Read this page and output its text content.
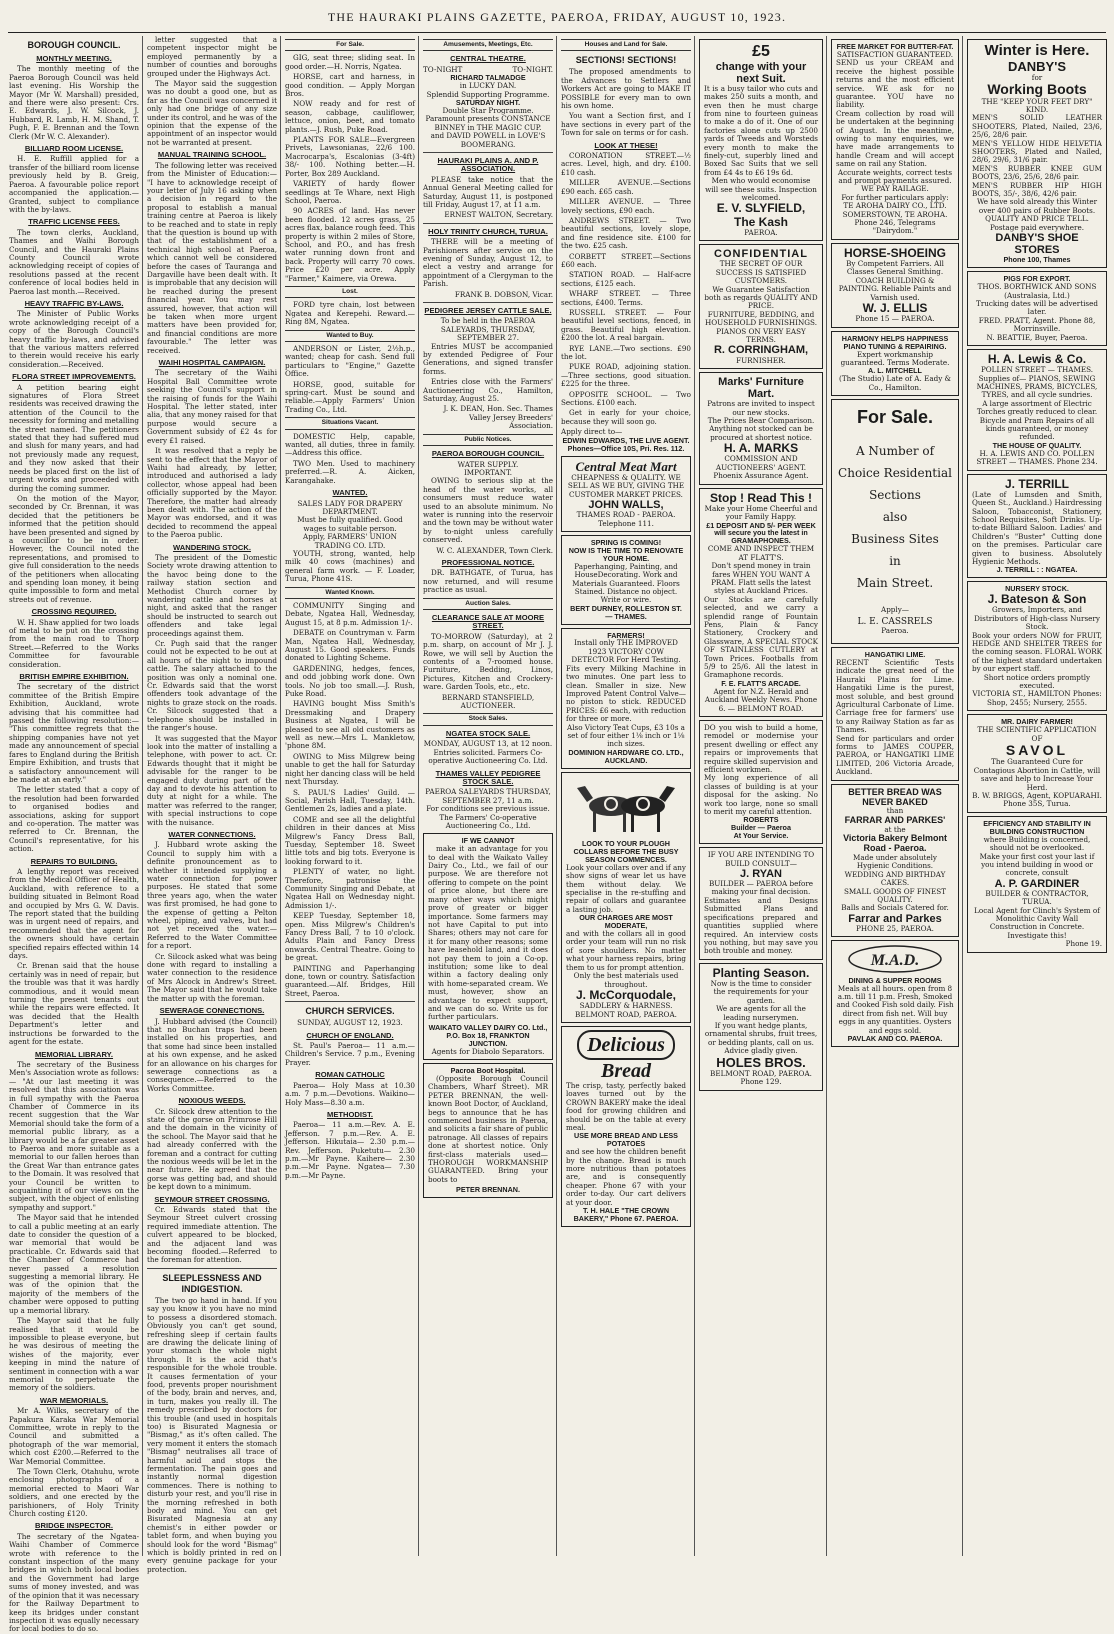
THE HAURAKI PLAINS GAZETTE, PAEROA, FRIDAY, AUGUST 10, 1923.
BOROUGH COUNCIL.
MONTHLY MEETING.

The monthly meeting of the Paeroa Borough Council was held last evening. His Worship the Mayor (Mr W. Marshall) presided, and there were also present: Crs. E. Edwards, J. W. Silcock, J. Hubbard, R. Lamb, H. M. Shand, T. Pugh, F. E. Brennan and the Town Clerk (Mr W. C. Alexander).

BILLIARD ROOM LICENSE.

H. E. Ruffill applied for a transfer of the billiard room license previously held by B. Greig, Paeroa. A favourable police report accompanied the application.—Granted, subject to compliance with the by-laws.

TRAFFIC LICENSE FEES.

The town clerks, Auckland, Thames and Waihi Borough Council, and the Hauraki Plains County Council wrote acknowledging receipt of copies of resolutions passed at the recent conference of local bodies held in Paeroa last month.—Received.

HEAVY TRAFFIC BY-LAWS.

The Minister of Public Works wrote acknowledging receipt of a copy of the Borough Council's heavy traffic by-laws, and advised that the various matters referred to therein would receive his early consideration.—Received.

FLORA STREET IMPROVEMENTS.

A petition bearing eight signatures of Flora Street residents was received drawing the attention of the Council to the necessity for forming and metalling the street named. The petitioners stated that they had suffered mud and slush for many years, and had not previously made any request, and they now asked that their needs be placed first on the list of urgent works and proceeded with during the coming summer.

On the motion of the Mayor, seconded by Cr. Brennan, it was decided that the petitioners be informed that the petition should have been presented and signed by a councillor to be in order. However, the Council noted the representations, and promised to give full consideration to the needs of the petitioners when allocating and spending loan money, it being quite impossible to form and metal streets out of revenue.

CROSSING REQUIRED.

W. H. Shaw applied for two loads of metal to be put on the crossing from the main road to Thorp Street.—Referred to the Works Committee for favourable consideration.

BRITISH EMPIRE EXHIBITION.

The secretary of the district committee of the British Empire Exhibition, Auckland, wrote advising that his committee had passed the following resolution:— "This committee regrets that the shipping companies have not yet made any announcement of special fares to England during the British Empire Exhibition, and trusts that a satisfactory announcement will be made at an early."

The letter stated that a copy of the resolution had been forwarded to organised bodies and associations, asking for support and co-operation. The matter was referred to Cr. Brennan, the Council's representative, for his action.

REPAIRS TO BUILDING.

A lengthy report was received from the Medical Officer of Health, Auckland, with reference to a building situated in Belmont Road and occupied by Mrs G. W. Davis. The report stated that the building was in urgent need of repairs, and recommended that the agent for the owners should have certain specified repairs effected within 14 days.

Cr. Brenan said that the house certainly was in need of repair, but the trouble was that it was hardly commodious, and it would mean turning the present tenants out while the repairs were effected. It was decided that the Health Department's letter and instructions be forwarded to the agent for the estate.

MEMORIAL LIBRARY.

The secretary of the Business Men's Association wrote as follows:— "At our last meeting it was resolved that this association was in full sympathy with the Paeroa Chamber of Commerce in its recent suggestion that the War Memorial should take the form of a memorial public library, as a library would be a far greater asset to Paeroa and more suitable as a memorial to our fallen heroes than the Great War than entrance gates to the Domain. It was resolved that your Council be written to acquainting it of our views on the subject, with the object of enlisting sympathy and support."

The Mayor said that he intended to call a public meeting at an early date to consider the question of a war memorial that would be practicable. Cr. Edwards said that the Chamber of Commerce had never passed a resolution suggesting a memorial library. He was of the opinion that the majority of the members of the chamber were opposed to putting up a memorial library.

The Mayor said that he fully realised that it would be impossible to please everyone, but he was desirous of meeting the wishes of the majority, ever keeping in mind the nature of sentiment in connection with a war memorial to perpetuate the memory of the soldiers.

WAR MEMORIALS.

Mr A. Wilks, secretary of the Papakura Karaka War Memorial Committee, wrote in reply to the Council and submitted a photograph of the war memorial, which cost £200.—Referred to the War Memorial Committee.

The Town Clerk, Otahuhu, wrote enclosing photographs of a memorial erected to Maori War soldiers, and one erected by the parishioners, of Holy Trinity Church costing £120.

BRIDGE INSPECTOR.

The secretary of the Ngatea-Waihi Chamber of Commerce wrote with reference to the constant inspection of the many bridges in which both local bodies and the Government had large sums of money invested, and was of the opinion that it was necessary for the Railway Department to keep its bridges under constant inspection it was equally necessary for local bodies to do so.

letter suggested that a competent inspector might be employed permanently by a number of counties and boroughs grouped under the Highways Act.

The Mayor said the suggestion was no doubt a good one, but as far as the Council was concerned it only had one bridge of any size under its control, and he was of the opinion that the expense of the appointment of an inspector would not be warranted at present.

MANUAL TRAINING SCHOOL.

The following letter was received from the Minister of Education:— "I have to acknowledge receipt of your letter of July 16 asking when a decision in regard to the proposal to establish a manual training centre at Paeroa is likely to be reached and to state in reply that the question is bound up with that of the establishment of a technical high school at Paeroa, which cannot well be considered before the cases of Tauranga and Dargaville have been dealt with. It is improbable that any decision will be reached during the present financial year. You may rest assured, however, that action will be taken when more urgent matters have been provided for, and financial conditions are more favourable." The letter was received.

WAIHI HOSPITAL CAMPAIGN.

The secretary of the Waihi Hospital Ball Committee wrote seeking the Council's support in the raising of funds for the Waihi Hospital. The letter stated, inter alia, that any money raised for that purpose would secure a Government subsidy of £2 4s for every £1 raised.

It was resolved that a reply be sent to the effect that the Mayor of Waihi had already, by letter, introduced and authorised a lady collector, whose appeal had been officially supported by the Mayor. Therefore, the matter had already been dealt with. The action of the Mayor was endorsed, and it was decided to recommend the appeal to the Paeroa public.

WANDERING STOCK.

The president of the Domestic Society wrote drawing attention to the havoc being done to the railway station section and Methodist Church corner by wandering cattle and horses at night, and asked that the ranger should be instructed to search out offenders and take legal proceedings against them.

Cr. Pugh said that the ranger could not be expected to be out at all hours of the night to impound cattle. The salary attached to the position was only a nominal one. Cr. Edwards said that the worst offenders took advantage of the nights to graze stock on the roads. Cr. Silcock suggested that a telephone should be installed in the ranger's house.

It was suggested that the Mayor look into the matter of installing a telephone, with power to act. Cr. Edwards thought that it might be advisable for the ranger to be engaged duty during part of the day and to devote his attention to duty at night for a while. The matter was referred to the ranger, with special instructions to cope with the nuisance.

WATER CONNECTIONS.

J. Hubbard wrote asking the Council to supply him with a definite pronouncement as to whether it intended supplying a water connection for power purposes. He stated that some three years ago, when the water was first promised, he had gone to the expense of getting a Pelton wheel, piping, and valves, but had not yet received the water.—Referred to the Water Committee for a report.

Cr. Silcock asked what was being done with regard to installing a water connection to the residence of Mrs Alcock in Andrew's Street. The Mayor said that he would take the matter up with the foreman.

SEWERAGE CONNECTIONS.

J. Hubbard advised (the Council) that no Buchan traps had been installed on his properties, and that some had since been installed at his own expense, and he asked for an allowance on his charges for sewerage connections as a consequence.—Referred to the Works Committee.

NOXIOUS WEEDS.

Cr. Silcock drew attention to the state of the gorse on Primrose Hill and the domain in the vicinity of the school. The Mayor said that he had already conferred with the foreman and a contract for cutting the noxious weeds will be let in the near future. He agreed that the gorse was getting bad, and should be kept down to a minimum.

SEYMOUR STREET CROSSING.

Cr. Edwards stated that the Seymour Street culvert crossing required immediate attention. The culvert appeared to be blocked, and the adjacent land was becoming flooded.—Referred to the foreman for attention.

SLEEPLESSNESS AND INDIGESTION.

The two go hand in hand. If you say you know it you have no mind to possess a disordered stomach. Obviously you can't get sound, refreshing sleep if certain faults are drawing the delicate lining of your stomach the whole night through. It is the acid that's responsible for the whole trouble. It causes fermentation of your food, prevents proper nourishment of the body, brain and nerves, and, in turn, makes you really ill. The remedy prescribed by doctors for this trouble (and used in hospitals too) is Bisurated Magnesia or "Bismag," as it's often called. The very moment it enters the stomach "Bismag" neutralises all trace of harmful acid and stops the fermentation. The pain goes and instantly normal digestion commences. There is nothing to disturb your rest, and you'll rise in the morning refreshed in both body and mind. You can get Bisurated Magnesia at any chemist's in either powder or tablet form, and when buying you should look for the word "Bismag" which is boldly printed in red on every genuine package for your protection.

For Sale.

GIG, seat three; sliding seat. In good order.—H. Norris, Ngatea.

HORSE, cart and harness, in good condition. — Apply Morgan Bros.

NOW ready and for rest of season, cabbage, cauliflower, lettuce, onion, beet, and tomato plants.—J. Rush, Puke Road.

PLANTS FOR SALE—Evergreen Privets, Lawsonianas, 22/6 100. Macrocarpa's, Escalonias (3-4ft) 38/- 100. Nothing better.—H. Porter, Box 289 Auckland.

VARIETY of hardy flower seedlings at Te Whare, next High School, Paeroa.

90 ACRES of land. Has never been flooded. 12 acres grass, 25 acres flax, balance rough feed. This property is within 2 miles of Store, School, and P.O., and has fresh water running down front and back. Property will carry 70 cows. Price £20 per acre. Apply "Farmer," Kaimere, via Orewa.

Lost.

FORD tyre chain, lost between Ngatea and Kerepehi. Reward.—Ring 8M, Ngatea.

Wanted to Buy.

ANDERSON or Lister, 2½h.p., wanted; cheap for cash. Send full particulars to "Engine," Gazette Office.

HORSE, good, suitable for spring-cart. Must be sound and reliable.—Apply Farmers' Union Trading Co., Ltd.

Situations Vacant.

DOMESTIC Help, capable, wanted, all duties, three in family.—Address this office.

TWO Men. Used to machinery preferred.—R. A. Aicken, Karangahake.

WANTED.
SALES LADY FOR DRAPERY DEPARTMENT.
Must be fully qualified. Good wages to suitable person.
Apply, FARMERS' UNION TRADING CO. LTD.

YOUTH, strong, wanted, help milk 40 cows (machines) and general farm work. — F. Loader, Turua, Phone 41S.

Wanted Known.

COMMUNITY Singing and Debate, Ngatea Hall, Wednesday, August 15, at 8 p.m. Admission 1/-.

DEBATE on Countryman v. Farm Man, Ngatea Hall, Wednesday, August 15. Good speakers. Funds donated to Lighting Scheme.

GARDENING, hedges, fences, and odd jobbing work done. Own tools. No job too small.—J. Rush, Puke Road.

HAVING bought Miss Smith's Dressmaking and Drapery Business at Ngatea, I will be pleased to see all old customers as well as new.—Mrs L. Mankletow, 'phone 8M.

OWING to Miss Milgrew being unable to get the hall for Saturday night her dancing class will be held next Thursday.

S. PAUL'S Ladies' Guild. — Social, Parish Hall, Tuesday, 14th. Gentlemen 2s, ladies and a plate.

COME and see all the delightful children in their dances at Miss Milgrew's Fancy Dress Ball, Tuesday, September 18. Sweet little tots and big tots. Everyone is looking forward to it.

PLENTY of water, no light. Therefore, patronise the Community Singing and Debate, at Ngatea Hall on Wednesday night. Admission 1/-.

KEEP Tuesday, September 18, open. Miss Milgrew's Children's Fancy Dress Ball, 7 to 10 o'clock. Adults Plain and Fancy Dress onwards. Central Theatre. Going to be great.

PAINTING and Paperhanging done, town or country. Satisfaction guaranteed.—Alf. Bridges, Hill Street, Paeroa.

CHURCH SERVICES.
SUNDAY, AUGUST 12, 1923.
CHURCH OF ENGLAND.

St. Paul's Paeroa— 11 a.m.—Children's Service. 7 p.m., Evening Prayer.

ROMAN CATHOLIC

Paeroa— Holy Mass at 10.30 a.m. 7 p.m.—Devotions. Waikino— Holy Mass—8.30 a.m.

METHODIST.

Paeroa— 11 a.m.—Rev. A. E. Jefferson. 7 p.m.—Rev. A. E. Jefferson. Hikutaia— 2.30 p.m.—Rev. Jefferson. Puketutu— 2.30 p.m.—Mr Payne. Kaihere— 2.30 p.m.—Mr Payne. Ngatea— 7.30 p.m.—Mr Payne.

Amusements, Meetings, Etc.
CENTRAL THEATRE.
TO-NIGHT	TO-NIGHT.
RICHARD TALMADGE
in LUCKY DAN.
Splendid Supporting Programme.
SATURDAY NIGHT.
Double Star Programme.
Paramount presents CONSTANCE BINNEY in THE MAGIC CUP.
and DAVID POWELL in LOVE'S BOOMERANG.
HAURAKI PLAINS A. AND P. ASSOCIATION.

PLEASE take notice that the Annual General Meeting called for Saturday, August 11, is postponed till Friday, August 17, at 11 a.m.

ERNEST WALTON, Secretary.
HOLY TRINITY CHURCH, TURUA.

THERE will be a meeting of Parishioners after service on the evening of Sunday, August 12, to elect a vestry and arrange for appointment of a Clergyman to the Parish.

FRANK B. DOBSON, Vicar.
PEDIGREE JERSEY CATTLE SALE.
To be held in the PAEROA SALEYARDS, THURSDAY, SEPTEMBER 27.

Entries MUST be accompanied by extended Pedigree of Four Generations, and signed transfer forms.

Entries close with the Farmers' Auctioneering Co., Hamilton, Saturday, August 25.

J. K. DEAN, Hon. Sec. Thames Valley Jersey Breeders' Association.
Public Notices.
PAEROA BOROUGH COUNCIL.
WATER SUPPLY.
IMPORTANT.

OWING to serious slip at the head of the water works, all consumers must reduce water used to an absolute minimum. No water is running into the reservoir and the town may be without water by to-night unless carefully conserved.

W. C. ALEXANDER, Town Clerk.
PROFESSIONAL NOTICE.

DR. BATHGATE, of Turua, has now returned, and will resume practice as usual.

Auction Sales.
CLEARANCE SALE AT MOORE STREET.

TO-MORROW (Saturday), at 2 p.m. sharp, on account of Mr J. J. Rowe, we will sell by Auction the contents of a 7-roomed house. Furniture, Bedding, Linos, Pictures, Kitchen and Crockery-ware. Garden Tools, etc., etc.

BERNARD STANSFIELD, AUCTIONEER.
Stock Sales.
NGATEA STOCK SALE.
MONDAY, AUGUST 13, at 12 noon.
Entries solicited. Farmers Co-operative Auctioneering Co. Ltd.
THAMES VALLEY PEDIGREE STOCK SALE.
PAEROA SALEYARDS THURSDAY, SEPTEMBER 27, 11 a.m.
For conditions see previous issue.
The Farmers' Co-operative Auctioneering Co., Ltd.
IF WE CANNOT

make it an advantage for you to deal with the Waikato Valley Dairy Co., Ltd., we fail of our purpose. We are therefore not offering to compete on the point of price alone, but there are many other ways which might prove of greater or bigger importance. Some farmers may not have Capital to put into Shares; others may not care for it for many other reasons; some have leasehold land, and it does not pay them to join a Co-op. institution; some like to deal within a factory dealing only with home-separated cream. We must, however, show an advantage to expect support, and we can do so. Write us for further particulars.

WAIKATO VALLEY DAIRY CO. Ltd., P.O. Box 18, FRANKTON JUNCTION.
Agents for Diabolo Separators.
Pacroa Boot Hospital.

(Opposite Borough Council Chambers, Wharf Street). MR PETER BRENNAN, the well-known Boot Doctor, of Auckland, begs to announce that he has commenced business in Paeroa, and solicits a fair share of public patronage. All classes of repairs done at shortest notice. Only first-class materials used— THOROUGH WORKMANSHIP GUARANTEED. Bring your boots to

PETER BRENNAN.
Houses and Land for Sale.
SECTIONS! SECTIONS!

The proposed amendments to the Advances to Settlers and Workers Act are going to MAKE IT POSSIBLE for every man to own his own home.

You want a Section first, and I have sections in every part of the Town for sale on terms or for cash.

LOOK AT THESE!

CORONATION STREET.—½ acres. Level, high, and dry. £100. £10 cash.

MILLER AVENUE.—Sections £90 each. £65 cash.

MILLER AVENUE. — Three lovely sections, £90 each.

ANDREWS STREET. — Two beautiful sections, lovely slope, and fine residence site. £100 for the two. £25 cash.

CORBETT STREET.—Sections £60 each.

STATION ROAD. — Half-acre sections, £125 each.

WHARF STREET. — Three sections, £400. Terms.

RUSSELL STREET. — Four beautiful level sections, fenced, in grass. Beautiful high elevation. £200 the lot. A real bargain.

RYE LANE.—Two sections. £90 the lot.

PUKE ROAD, adjoining station. —Three sections, good situation. £225 for the three.

OPPOSITE SCHOOL. — Two Sections. £100 each.

Get in early for your choice, because they will soon go.

Apply direct to—
EDWIN EDWARDS, THE LIVE AGENT. Phones—Office 10S, Pri. Res. 112.
Central Meat Mart
CHEAPNESS & QUALITY. WE SELL AS WE BUY, GIVING THE CUSTOMER MARKET PRICES.
JOHN WALLS,
THAMES ROAD - PAEROA. Telephone 111.
SPRING IS COMING!
NOW IS THE TIME TO RENOVATE YOUR HOME.
Paperhanging, Painting, and HouseDecorating. Work and Materials Guaranteed. Floors Stained. Distance no object. Write or wire.
BERT DURNEY, ROLLESTON ST. — THAMES.
FARMERS!
Install only THE IMPROVED 1923 VICTORY COW DETECTOR For Herd Testing.
Fits every Milking Machine in two minutes. One part less to clean. Smaller in size. New Improved Patent Control Valve—no piston to stick. REDUCED PRICES: £6 each, with reduction for three or more.
Also Victory Teat Cups, £3 10s a set of four either 1⅛ inch or 1⅛ inch sizes.
DOMINION HARDWARE CO. LTD., AUCKLAND.
LOOK TO YOUR PLOUGH COLLARS BEFORE THE BUSY SEASON COMMENCES.
Look your collars over and if any show signs of wear let us have them without delay. We specialise in the re-stuffing and repair of collars and guarantee a lasting job.
OUR CHARGES ARE MOST MODERATE,
and with the collars all in good order your team will run no risk of sore shoulders. No matter what your harness repairs, bring them to us for prompt attention.
Only the best materials used throughout.
J. McCorquodale,
SADDLERY & HARNESS. BELMONT ROAD, PAEROA.
Delicious
Bread
The crisp, tasty, perfectly baked loaves turned out by the CROWN BAKERY make the ideal food for growing children and should be on the table at every meal.
USE MORE BREAD AND LESS POTATOES
and see how the children benefit by the change. Bread is much more nutritious than potatoes are, and is consequently cheaper. Phone 67 with your order to-day. Our cart delivers at your door.
T. H. HALE "THE CROWN BAKERY," Phone 67. PAEROA.
£5
change with your next Suit.
It is a busy tailor who cuts and makes 250 suits a month, and even then he must charge from nine to fourteen guineas to make a do of it. One of our factories alone cuts up 2500 yards of Tweeds and Worsteds every month to make the finely-cut, superbly lined and Boxed Sac Suits that we sell from £4 4s to £6 19s 6d.
Men who would economise will see these suits. Inspection welcomed.
E. V. SLYFIELD,
The Kash
PAEROA.
CONFIDENTIAL
THE SECRET OF OUR SUCCESS IS SATISFIED CUSTOMERS.
We Guarantee Satisfaction both as regards QUALITY AND PRICE.
FURNITURE, BEDDING, and HOUSEHOLD FURNISHINGS. PIANOS ON VERY EASY TERMS.
R. CORRINGHAM,
FURNISHER.
Marks' Furniture Mart.
Patrons are invited to inspect our new stocks.
The Prices Bear Comparison.
Anything not stocked can be procured at shortest notice.
H. A. MARKS
COMMISSION AND AUCTIONEERS' AGENT. Phoenix Assurance Agent.
Stop ! Read This !
Make your Home Cheerful and your Family Happy.
£1 DEPOSIT AND 5/- PER WEEK will secure you the latest in GRAMAPHONES.
COME AND INSPECT THEM AT FLATT'S.
Don't spend money in train fares WHEN YOU WANT A PRAM. Flatt sells the latest styles at Auckland Prices.
Our Stocks are carefully selected, and we carry a splendid range of Fountain Pens, Plain & Fancy Stationery, Crockery and Glassware, A SPECIAL STOCK OF STAINLESS CUTLERY at Town Prices. Footballs from 5/9 to 25/6. All the latest in Gramaphone records.
F. E. FLATT'S ARCADE.
Agent for N.Z. Herald and Auckland Weekly News. Phone 6. — BELMONT ROAD.
DO you wish to build a home, remodel or modernise your present dwelling or effect any repairs or improvements that require skilled supervision and efficient workmen.
My long experience of all classes of building is at your disposal for the asking. No work too large, none so small to merit my careful attention.
ROBERTS
Builder — Paeroa
At Your Service.
IF YOU ARE INTENDING TO BUILD CONSULT—
J. RYAN
BUILDER — PAEROA before making your final decision.
Estimates and Designs Submitted Plans and specifications prepared and quantities supplied where required. An interview costs you nothing, but may save you both trouble and money.
Planting Season.
Now is the time to consider the requirements for your garden.
We are agents for all the leading nurserymen.
If you want hedge plants, ornamental shrubs, fruit trees, or bedding plants, call on us.
Advice gladly given.
HOLES BROS.
BELMONT ROAD, PAEROA. Phone 129.
FREE MARKET FOR BUTTER-FAT.
SATISFACTION GUARANTEED.
SEND us your CREAM and receive the highest possible returns and the most efficient service. WE ask for no guarantee. YOU have no liability.
Cream collection by road will be undertaken at the beginning of August. In the meantime, owing to many enquiries, we have made arrangements to handle Cream and will accept same on rail any Station.
Accurate weights, correct tests and prompt payments assured. WE PAY RAILAGE.
For further particulars apply: TE AROHA DAIRY CO., LTD. SOMERSTOWN, TE AROHA. Phone 246, Telegrams "Dairydom."
HORSE-SHOEING
By Competent Farriers. All Classes General Smithing. COACH BUILDING & PAINTING. Reliable Paints and Varnish used.
W. J. ELLIS
Phone 15 — PAEROA.
HARMONY HELPS HAPPINESS
PIANO TUNING & REPAIRING.
Expert workmanship guaranteed. Terms Moderate.
A. L. MITCHELL
(The Studio) Late of A. Eady & Co., Hamilton.
For Sale.
A Number of
Choice Residential
Sections
also
Business Sites
in
Main Street.
Apply—
L. E. CASSRELS
Paeroa.
HANGATIKI LIME.
RECENT Scientific Tests indicate the great need of the Hauraki Plains for Lime. Hangatiki Lime is the purest, most soluble, and best ground Agricultural Carbonate of Lime. Carriage free for farmers' use to any Railway Station as far as Thames.
Send for particulars and order forms to JAMES COUPER, PAEROA, or HANGATIKI LIME LIMITED, 206 Victoria Arcade, Auckland.
BETTER BREAD WAS NEVER BAKED
than
FARRAR AND PARKES'
at the
Victoria Bakery Belmont Road - Paeroa.
Made under absolutely Hygienic Conditions.
WEDDING AND BIRTHDAY CAKES.
SMALL GOODS OF FINEST QUALITY.
Balls and Socials Catered for.
Farrar and Parkes
PHONE 25, PAEROA.
M.A.D.
DINING & SUPPER ROOMS
Meals at all hours. open from 8 a.m. till 11 p.m. Fresh, Smoked and Cooked Fish sold daily. Fish direct from fish net. Will buy eggs in any quantities. Oysters and eggs sold.
PAVLAK AND CO. PAEROA.
Winter is Here.
DANBY'S
for
Working Boots
THE "KEEP YOUR FEET DRY" KIND.
MEN'S SOLID LEATHER SHOOTERS, Plated, Nailed, 23/6, 25/6, 28/6 pair.
MEN'S YELLOW HIDE HELVETIA SHOOTERS, Plated and Nailed, 28/6, 29/6, 31/6 pair.
MEN'S RUBBER KNEE GUM BOOTS, 23/6, 25/6, 28/6 pair.
MEN'S RUBBER HIP HIGH BOOTS, 35/-, 38/6, 42/6 pair.
We have sold already this Winter over 400 pairs of Rubber Boots.
QUALITY AND PRICE TELL.
Postage paid everywhere.
DANBY'S SHOE STORES
Phone 100, Thames
PIGS FOR EXPORT.
THOS. BORTHWICK AND SONS (Australasia, Ltd.)
Trucking dates will be advertised later.
FRED. PRATT, Agent. Phone 88, Morrinsville.
N. BEATTIE, Buyer, Paeroa.
H. A. Lewis & Co.
POLLEN STREET — THAMES.
Supplies of— PIANOS, SEWING MACHINES, PRAMS, BICYCLES, TYRES, and all cycle sundries.
A large assortment of Electric Torches greatly reduced to clear.
Bicycle and Pram Repairs of all kinds guaranteed, or money refunded.
THE HOUSE OF QUALITY.
H. A. LEWIS AND CO. POLLEN STREET — THAMES. Phone 234.
J. TERRILL
(Late of Lumsden and Smith, Queen St., Auckland.) Hairdressing Saloon, Tobacconist, Stationery, School Requisites, Soft Drinks. Up-to-date Billiard Saloon. Ladies' and Children's "Buster" Cutting done on the premises. Particular care given to business. Absolutely Hygienic Methods.
J. TERRILL : : NGATEA.
NURSERY STOCK.
J. Bateson & Son
Growers, Importers, and Distributors of High-class Nursery Stock.
Book your orders NOW for FRUIT, HEDGE AND SHELTER TREES for the coming season. FLORAL WORK of the highest standard undertaken by our expert staff.
Short notice orders promptly executed.
VICTORIA ST., HAMILTON Phones: Shop, 2455; Nursery, 2555.
MR. DAIRY FARMER!
THE SCIENTIFIC APPLICATION OF
SAVOL
The Guaranteed Cure for Contagious Abortion in Cattle, will save and help to Increase Your Herd.
B. W. BRIGGS, Agent, KOPUARAHI. Phone 35S, Turua.
EFFICIENCY AND STABILITY IN BUILDING CONSTRUCTION
where Building is concerned, should not be overlooked.
Make your first cost your last if you intend building in wood or concrete, consult
A. P. GARDINER
BUILDER & CONTRACTOR, TURUA.
Local Agent for Clinch's System of Monolithic Cavity Wall Construction in Concrete. Investigate this!
Phone 19.
